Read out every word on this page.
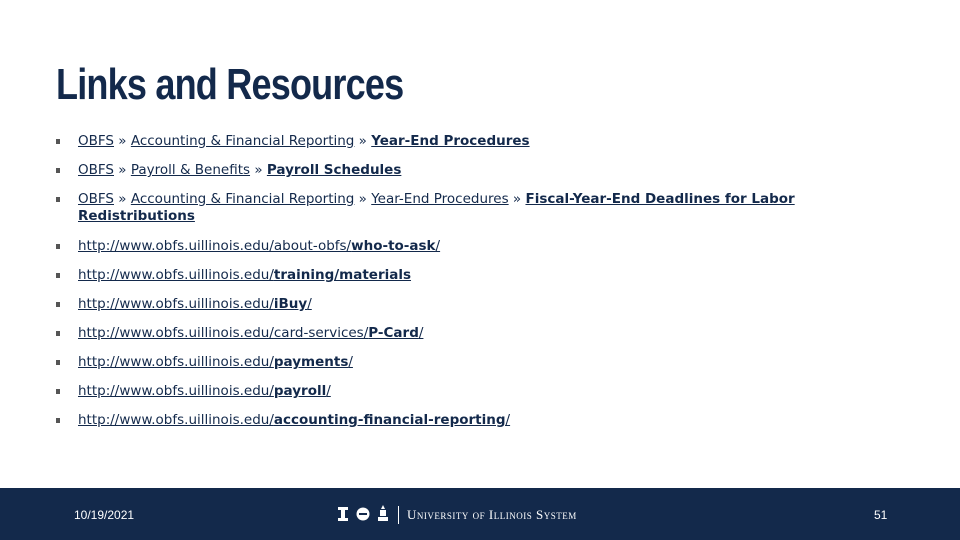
Links and Resources
OBFS » Accounting & Financial Reporting » Year-End Procedures
OBFS » Payroll & Benefits » Payroll Schedules
OBFS » Accounting & Financial Reporting » Year-End Procedures » Fiscal-Year-End Deadlines for Labor Redistributions
http://www.obfs.uillinois.edu/about-obfs/who-to-ask/
http://www.obfs.uillinois.edu/training/materials
http://www.obfs.uillinois.edu/iBuy/
http://www.obfs.uillinois.edu/card-services/P-Card/
http://www.obfs.uillinois.edu/payments/
http://www.obfs.uillinois.edu/payroll/
http://www.obfs.uillinois.edu/accounting-financial-reporting/
10/19/2021	University of Illinois System	51
